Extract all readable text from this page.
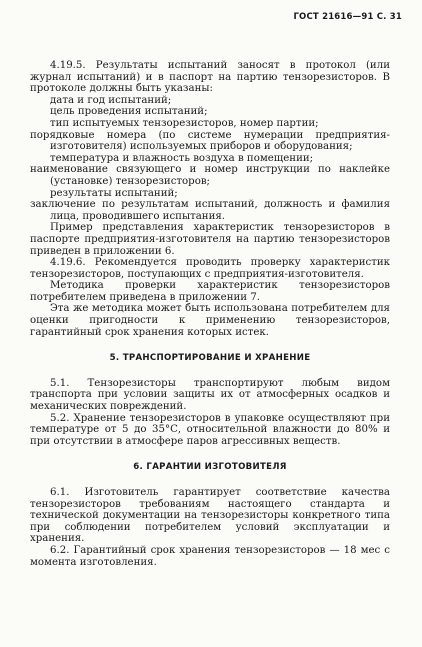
ГОСТ 21616—91 С. 31

4.19.5. Результаты испытаний заносят в протокол (или журнал испытаний) и в паспорт на партию тензорезисторов. В протоколе должны быть указаны:

дата и год испытаний;

цель проведения испытаний;

тип испытуемых тензорезисторов, номер партии;

порядковые номера (по системе нумерации предприятия-изготовителя) используемых приборов и оборудования;

температура и влажность воздуха в помещении;

наименование связующего и номер инструкции по наклейке (установке) тензорезисторов;

результаты испытаний;

заключение по результатам испытаний, должность и фамилия лица, проводившего испытания.

Пример представления характеристик тензорезисторов в паспорте предприятия-изготовителя на партию тензорезисторов приведен в приложении 6.

4.19.6. Рекомендуется проводить проверку характеристик тензорезисторов, поступающих с предприятия-изготовителя.

Методика проверки характеристик тензорезисторов потребителем приведена в приложении 7.

Эта же методика может быть использована потребителем для оценки пригодности к применению тензорезисторов, гарантийный срок хранения которых истек.

5. ТРАНСПОРТИРОВАНИЕ И ХРАНЕНИЕ

5.1. Тензорезисторы транспортируют любым видом транспорта при условии защиты их от атмосферных осадков и механических повреждений.

5.2. Хранение тензорезисторов в упаковке осуществляют при температуре от 5 до 35°С, относительной влажности до 80% и при отсутствии в атмосфере паров агрессивных веществ.

6. ГАРАНТИИ ИЗГОТОВИТЕЛЯ

6.1. Изготовитель гарантирует соответствие качества тензорезисторов требованиям настоящего стандарта и технической документации на тензорезисторы конкретного типа при соблюдении потребителем условий эксплуатации и хранения.

6.2. Гарантийный срок хранения тензорезисторов — 18 мес с момента изготовления.
